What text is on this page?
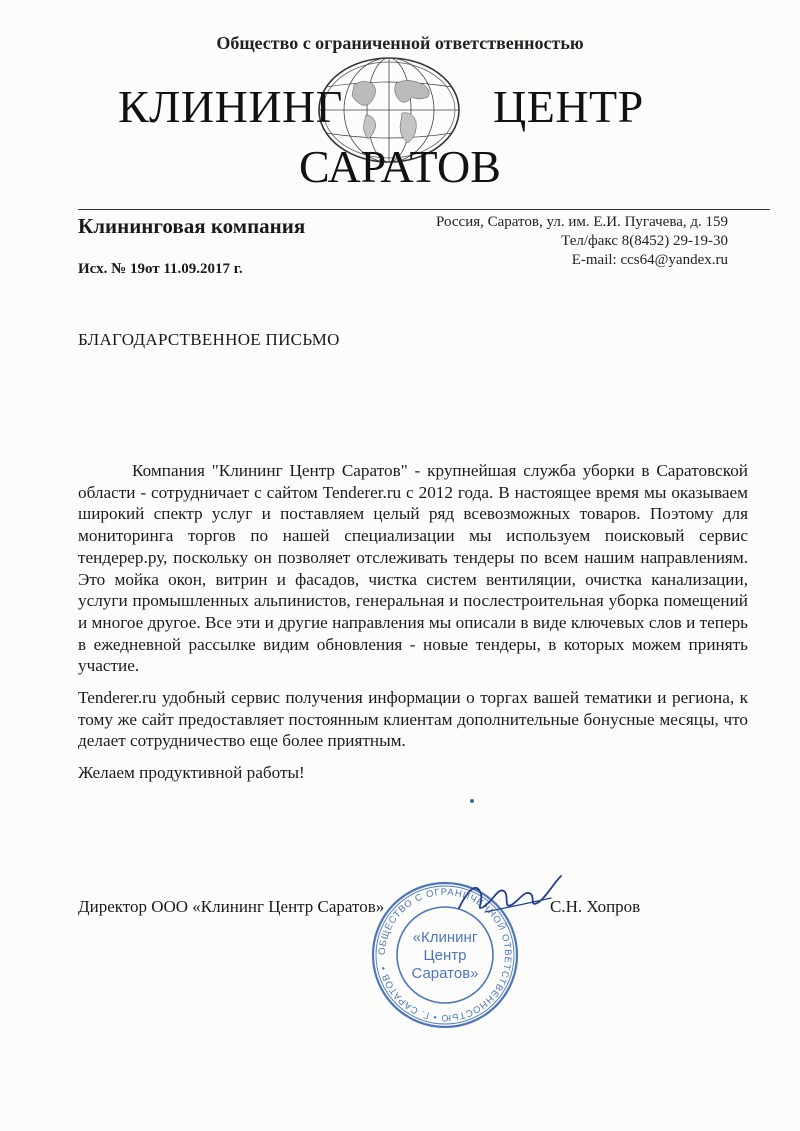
Общество с ограниченной ответственностью
КЛИНИНГ	ЦЕНТР
САРАТОВ
Клининговая компания	Россия, Саратов, ул. им. Е.И. Пугачева, д. 159
Тел/факс 8(8452) 29-19-30
E-mail: ccs64@yandex.ru
Исх. № 19от 11.09.2017 г.
БЛАГОДАРСТВЕННОЕ ПИСЬМО

Компания "Клининг Центр Саратов" - крупнейшая служба уборки в Саратовской области - сотрудничает с сайтом Tenderer.ru с 2012 года. В настоящее время мы оказываем широкий спектр услуг и поставляем целый ряд всевозможных товаров. Поэтому для мониторинга торгов по нашей специализации мы используем поисковый сервис тендерер.ру, поскольку он позволяет отслеживать тендеры по всем нашим направлениям. Это мойка окон, витрин и фасадов, чистка систем вентиляции, очистка канализации, услуги промышленных альпинистов, генеральная и послестроительная уборка помещений и многое другое. Все эти и другие направления мы описали в виде ключевых слов и теперь в ежедневной рассылке видим обновления - новые тендеры, в которых можем принять участие.

Tenderer.ru удобный сервис получения информации о торгах вашей тематики и региона, к тому же сайт предоставляет постоянным клиентам дополнительные бонусные месяцы, что делает сотрудничество еще более приятным.

Желаем продуктивной работы!

Директор ООО «Клининг Центр Саратов»	С.Н. Хопров
ОБЩЕСТВО С ОГРАНИЧЕННОЙ ОТВЕТСТВЕННОСТЬЮ • Г. САРАТОВ •
«Клининг
Центр
Саратов»
